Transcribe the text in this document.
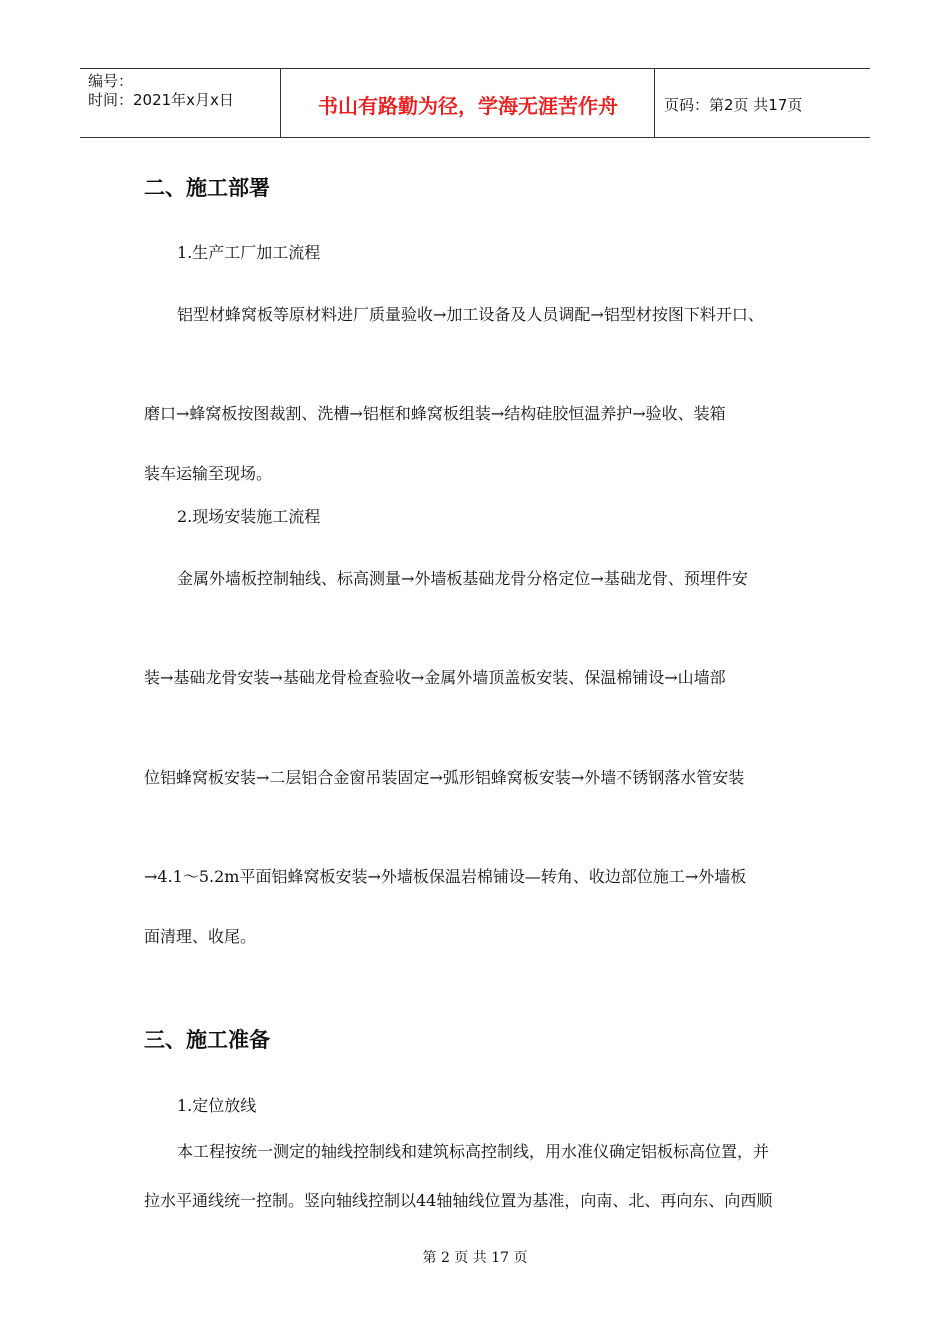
编号：
时间：2021年x月x日	书山有路勤为径，学海无涯苦作舟	页码：第2页 共17页
二、施工部署
1.生产工厂加工流程
铝型材蜂窝板等原材料进厂质量验收→加工设备及人员调配→铝型材按图下料开口、
磨口→蜂窝板按图裁割、洗槽→铝框和蜂窝板组装→结构硅胶恒温养护→验收、装箱
装车运输至现场。
2.现场安装施工流程
金属外墙板控制轴线、标高测量→外墙板基础龙骨分格定位→基础龙骨、预埋件安
装→基础龙骨安装→基础龙骨检查验收→金属外墙顶盖板安装、保温棉铺设→山墙部
位铝蜂窝板安装→二层铝合金窗吊装固定→弧形铝蜂窝板安装→外墙不锈钢落水管安装
→4.1～5.2m平面铝蜂窝板安装→外墙板保温岩棉铺设—转角、收边部位施工→外墙板
面清理、收尾。
三、施工准备
1.定位放线
本工程按统一测定的轴线控制线和建筑标高控制线，用水准仪确定铝板标高位置，并
拉水平通线统一控制。竖向轴线控制以44轴轴线位置为基准，向南、北、再向东、向西顺
第 2 页 共 17 页
